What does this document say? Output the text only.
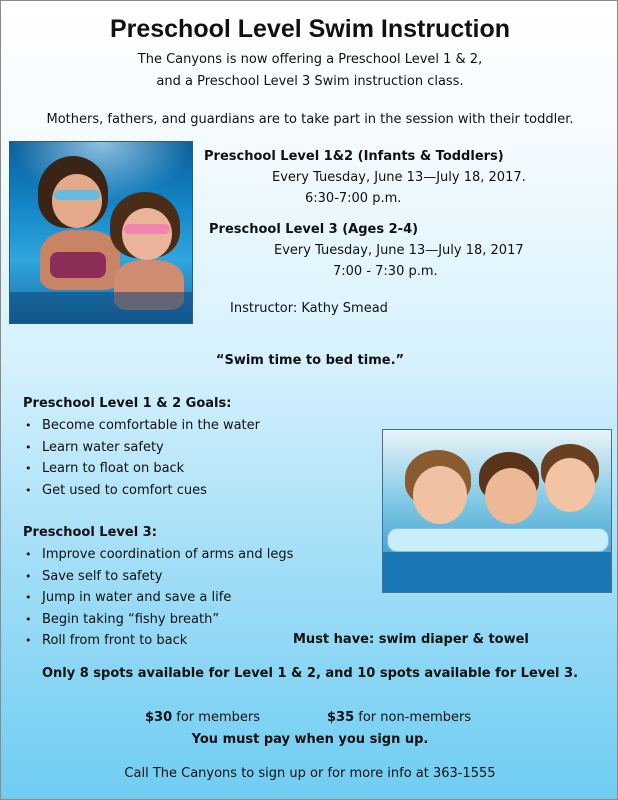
Preschool Level Swim Instruction
The Canyons is now offering a Preschool Level 1 & 2,
and a Preschool Level 3 Swim instruction class.
Mothers, fathers, and guardians are to take part in the session with their toddler.
Preschool Level 1&2 (Infants & Toddlers)
Every Tuesday, June 13—July 18, 2017.
6:30-7:00 p.m.
Preschool Level 3 (Ages 2-4)
Every Tuesday, June 13—July 18, 2017
7:00 - 7:30 p.m.
Instructor: Kathy Smead
“Swim time to bed time.”
Preschool Level 1 & 2 Goals:
• Become comfortable in the water
• Learn water safety
• Learn to float on back
• Get used to comfort cues
Preschool Level 3:
• Improve coordination of arms and legs
• Save self to safety
• Jump in water and save a life
• Begin taking “fishy breath”
• Roll from front to back	Must have: swim diaper & towel
Only 8 spots available for Level 1 & 2, and 10 spots available for Level 3.
$30 for members	$35 for non-members
You must pay when you sign up.
Call The Canyons to sign up or for more info at 363-1555
